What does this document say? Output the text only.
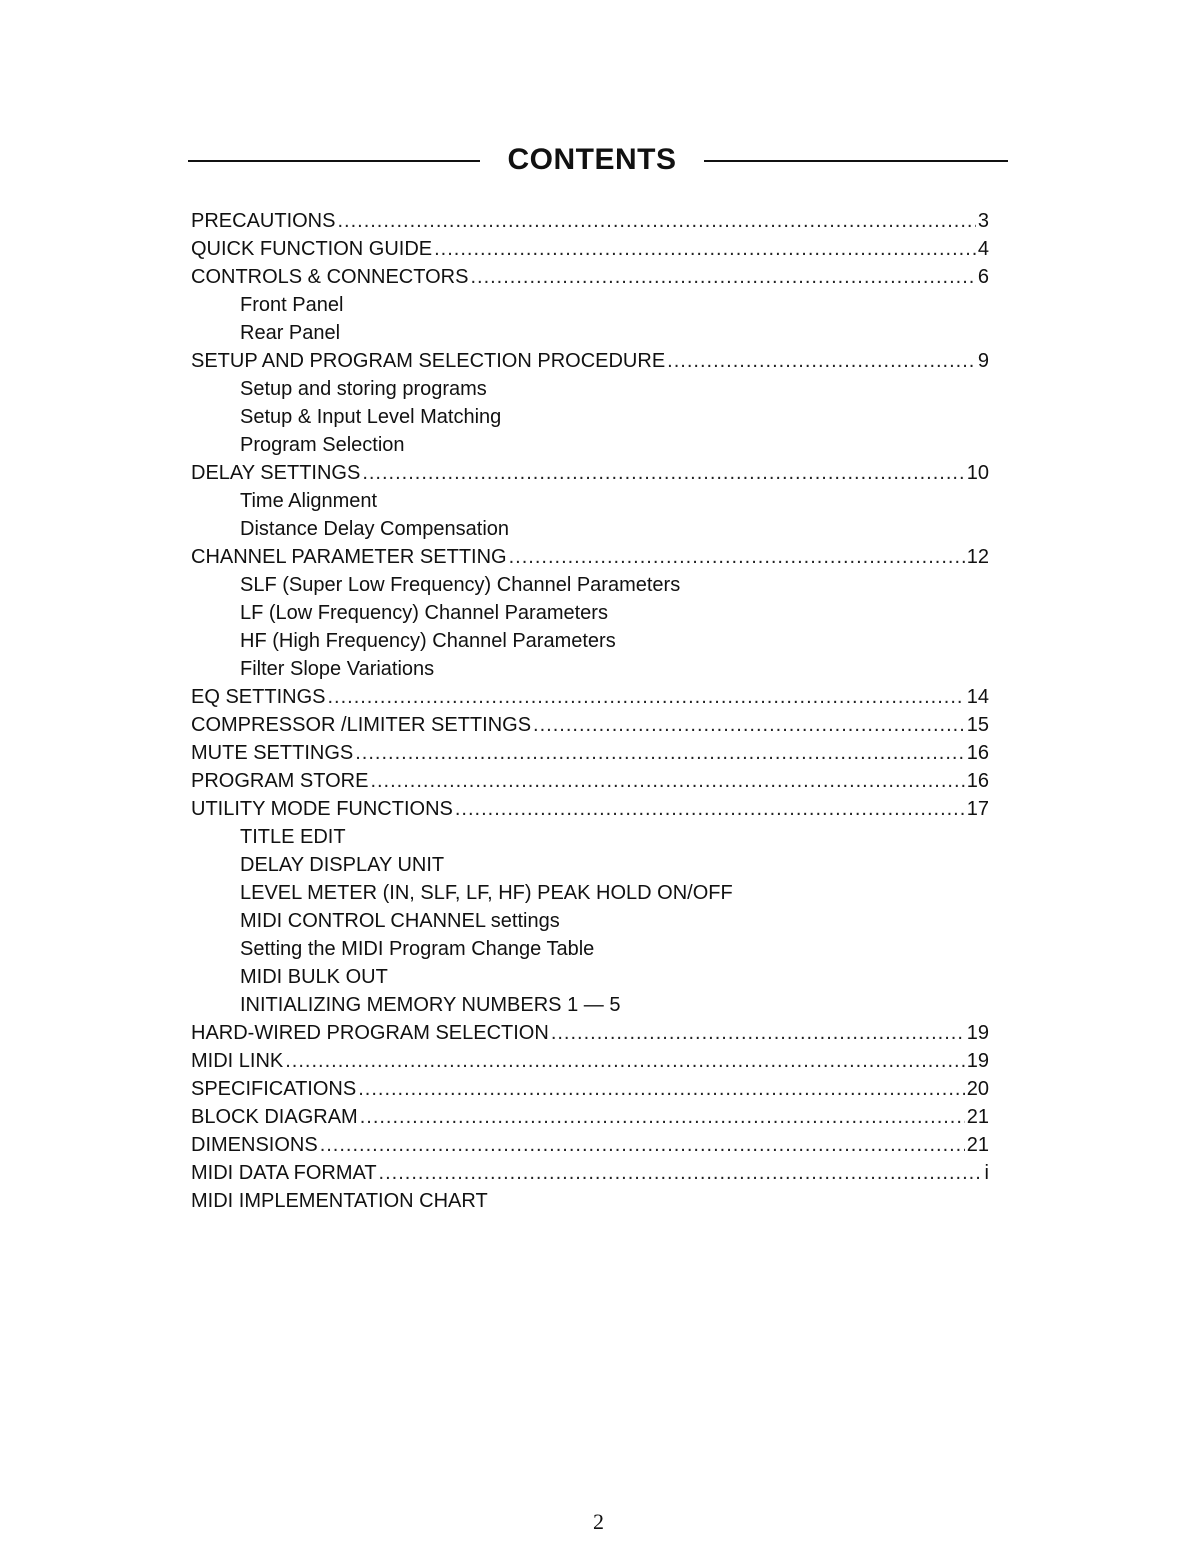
CONTENTS
PRECAUTIONS .....	3
QUICK FUNCTION GUIDE .....	4
CONTROLS & CONNECTORS .....	6
Front Panel
Rear Panel
SETUP AND PROGRAM SELECTION PROCEDURE .....	9
Setup and storing programs
Setup & Input Level Matching
Program Selection
DELAY SETTINGS .....	10
Time Alignment
Distance Delay Compensation
CHANNEL PARAMETER SETTING .....	12
SLF (Super Low Frequency) Channel Parameters
LF (Low Frequency) Channel Parameters
HF (High Frequency) Channel Parameters
Filter Slope Variations
EQ SETTINGS .....	14
COMPRESSOR /LIMITER SETTINGS .....	15
MUTE SETTINGS .....	16
PROGRAM STORE .....	16
UTILITY MODE FUNCTIONS .....	17
TITLE EDIT
DELAY DISPLAY UNIT
LEVEL METER (IN, SLF, LF, HF) PEAK HOLD ON/OFF
MIDI CONTROL CHANNEL settings
Setting the MIDI Program Change Table
MIDI BULK OUT
INITIALIZING MEMORY NUMBERS 1 — 5
HARD-WIRED PROGRAM SELECTION .....	19
MIDI LINK .....	19
SPECIFICATIONS .....	20
BLOCK DIAGRAM .....	21
DIMENSIONS .....	21
MIDI DATA FORMAT .....	i
MIDI IMPLEMENTATION CHART
2
